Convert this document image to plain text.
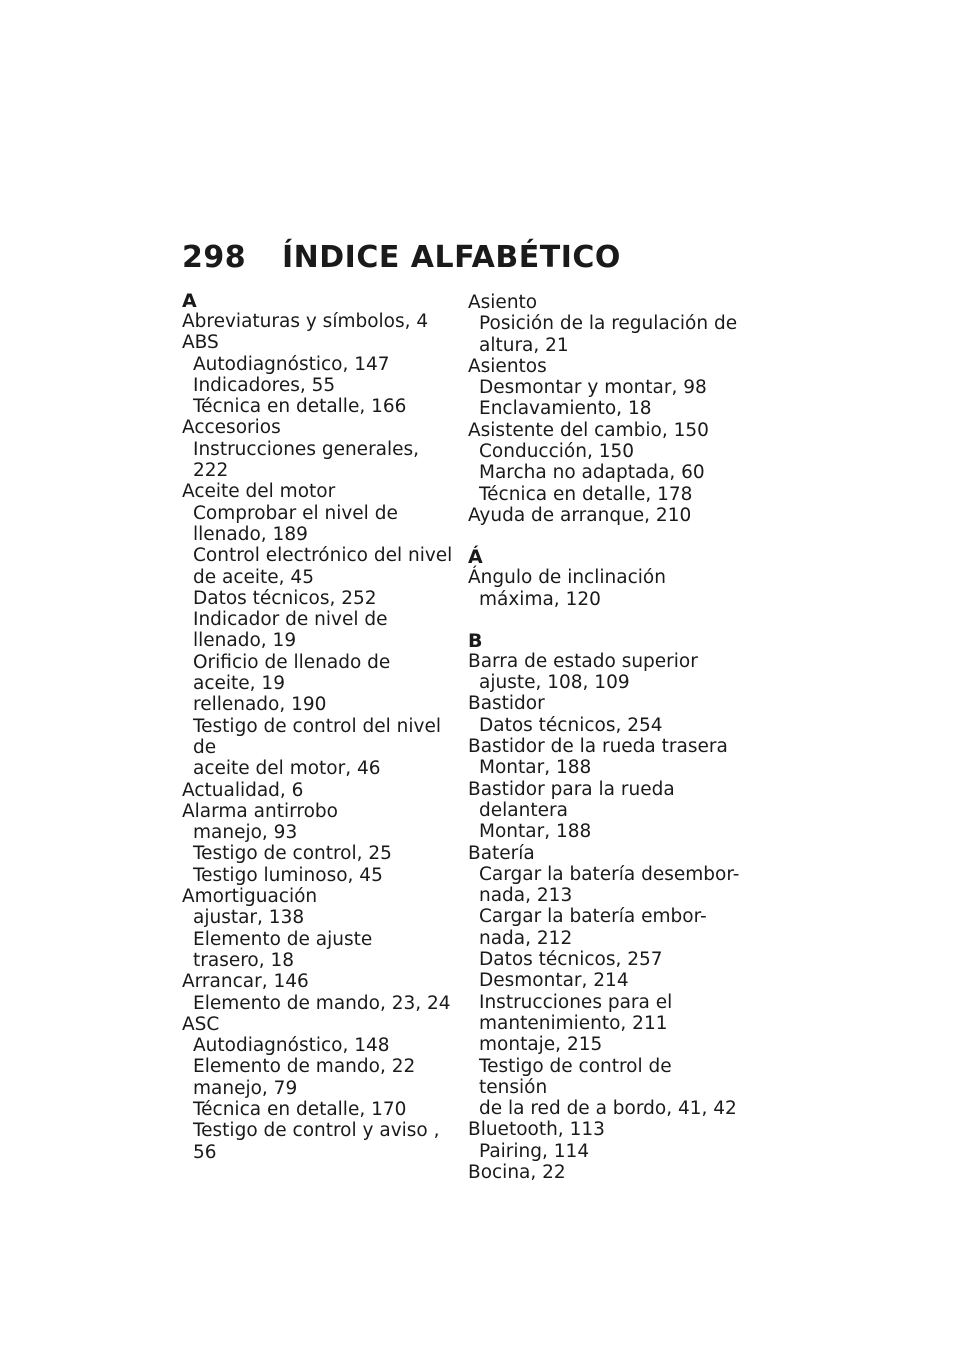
298 ÍNDICE ALFABÉTICO
A
Abreviaturas y símbolos, 4
ABS
Autodiagnóstico, 147
Indicadores, 55
Técnica en detalle, 166
Accesorios
Instrucciones generales, 222
Aceite del motor
Comprobar el nivel de
llenado, 189
Control electrónico del nivel
de aceite, 45
Datos técnicos, 252
Indicador de nivel de
llenado, 19
Orificio de llenado de
aceite, 19
rellenado, 190
Testigo de control del nivel de
aceite del motor, 46
Actualidad, 6
Alarma antirrobo
manejo, 93
Testigo de control, 25
Testigo luminoso, 45
Amortiguación
ajustar, 138
Elemento de ajuste
trasero, 18
Arrancar, 146
Elemento de mando, 23, 24
ASC
Autodiagnóstico, 148
Elemento de mando, 22
manejo, 79
Técnica en detalle, 170
Testigo de control y aviso , 56
Asiento
Posición de la regulación de
altura, 21
Asientos
Desmontar y montar, 98
Enclavamiento, 18
Asistente del cambio, 150
Conducción, 150
Marcha no adaptada, 60
Técnica en detalle, 178
Ayuda de arranque, 210
Á
Ángulo de inclinación
máxima, 120
B
Barra de estado superior
ajuste, 108, 109
Bastidor
Datos técnicos, 254
Bastidor de la rueda trasera
Montar, 188
Bastidor para la rueda
delantera
Montar, 188
Batería
Cargar la batería desembor-
nada, 213
Cargar la batería embor-
nada, 212
Datos técnicos, 257
Desmontar, 214
Instrucciones para el
mantenimiento, 211
montaje, 215
Testigo de control de tensión
de la red de a bordo, 41, 42
Bluetooth, 113
Pairing, 114
Bocina, 22
